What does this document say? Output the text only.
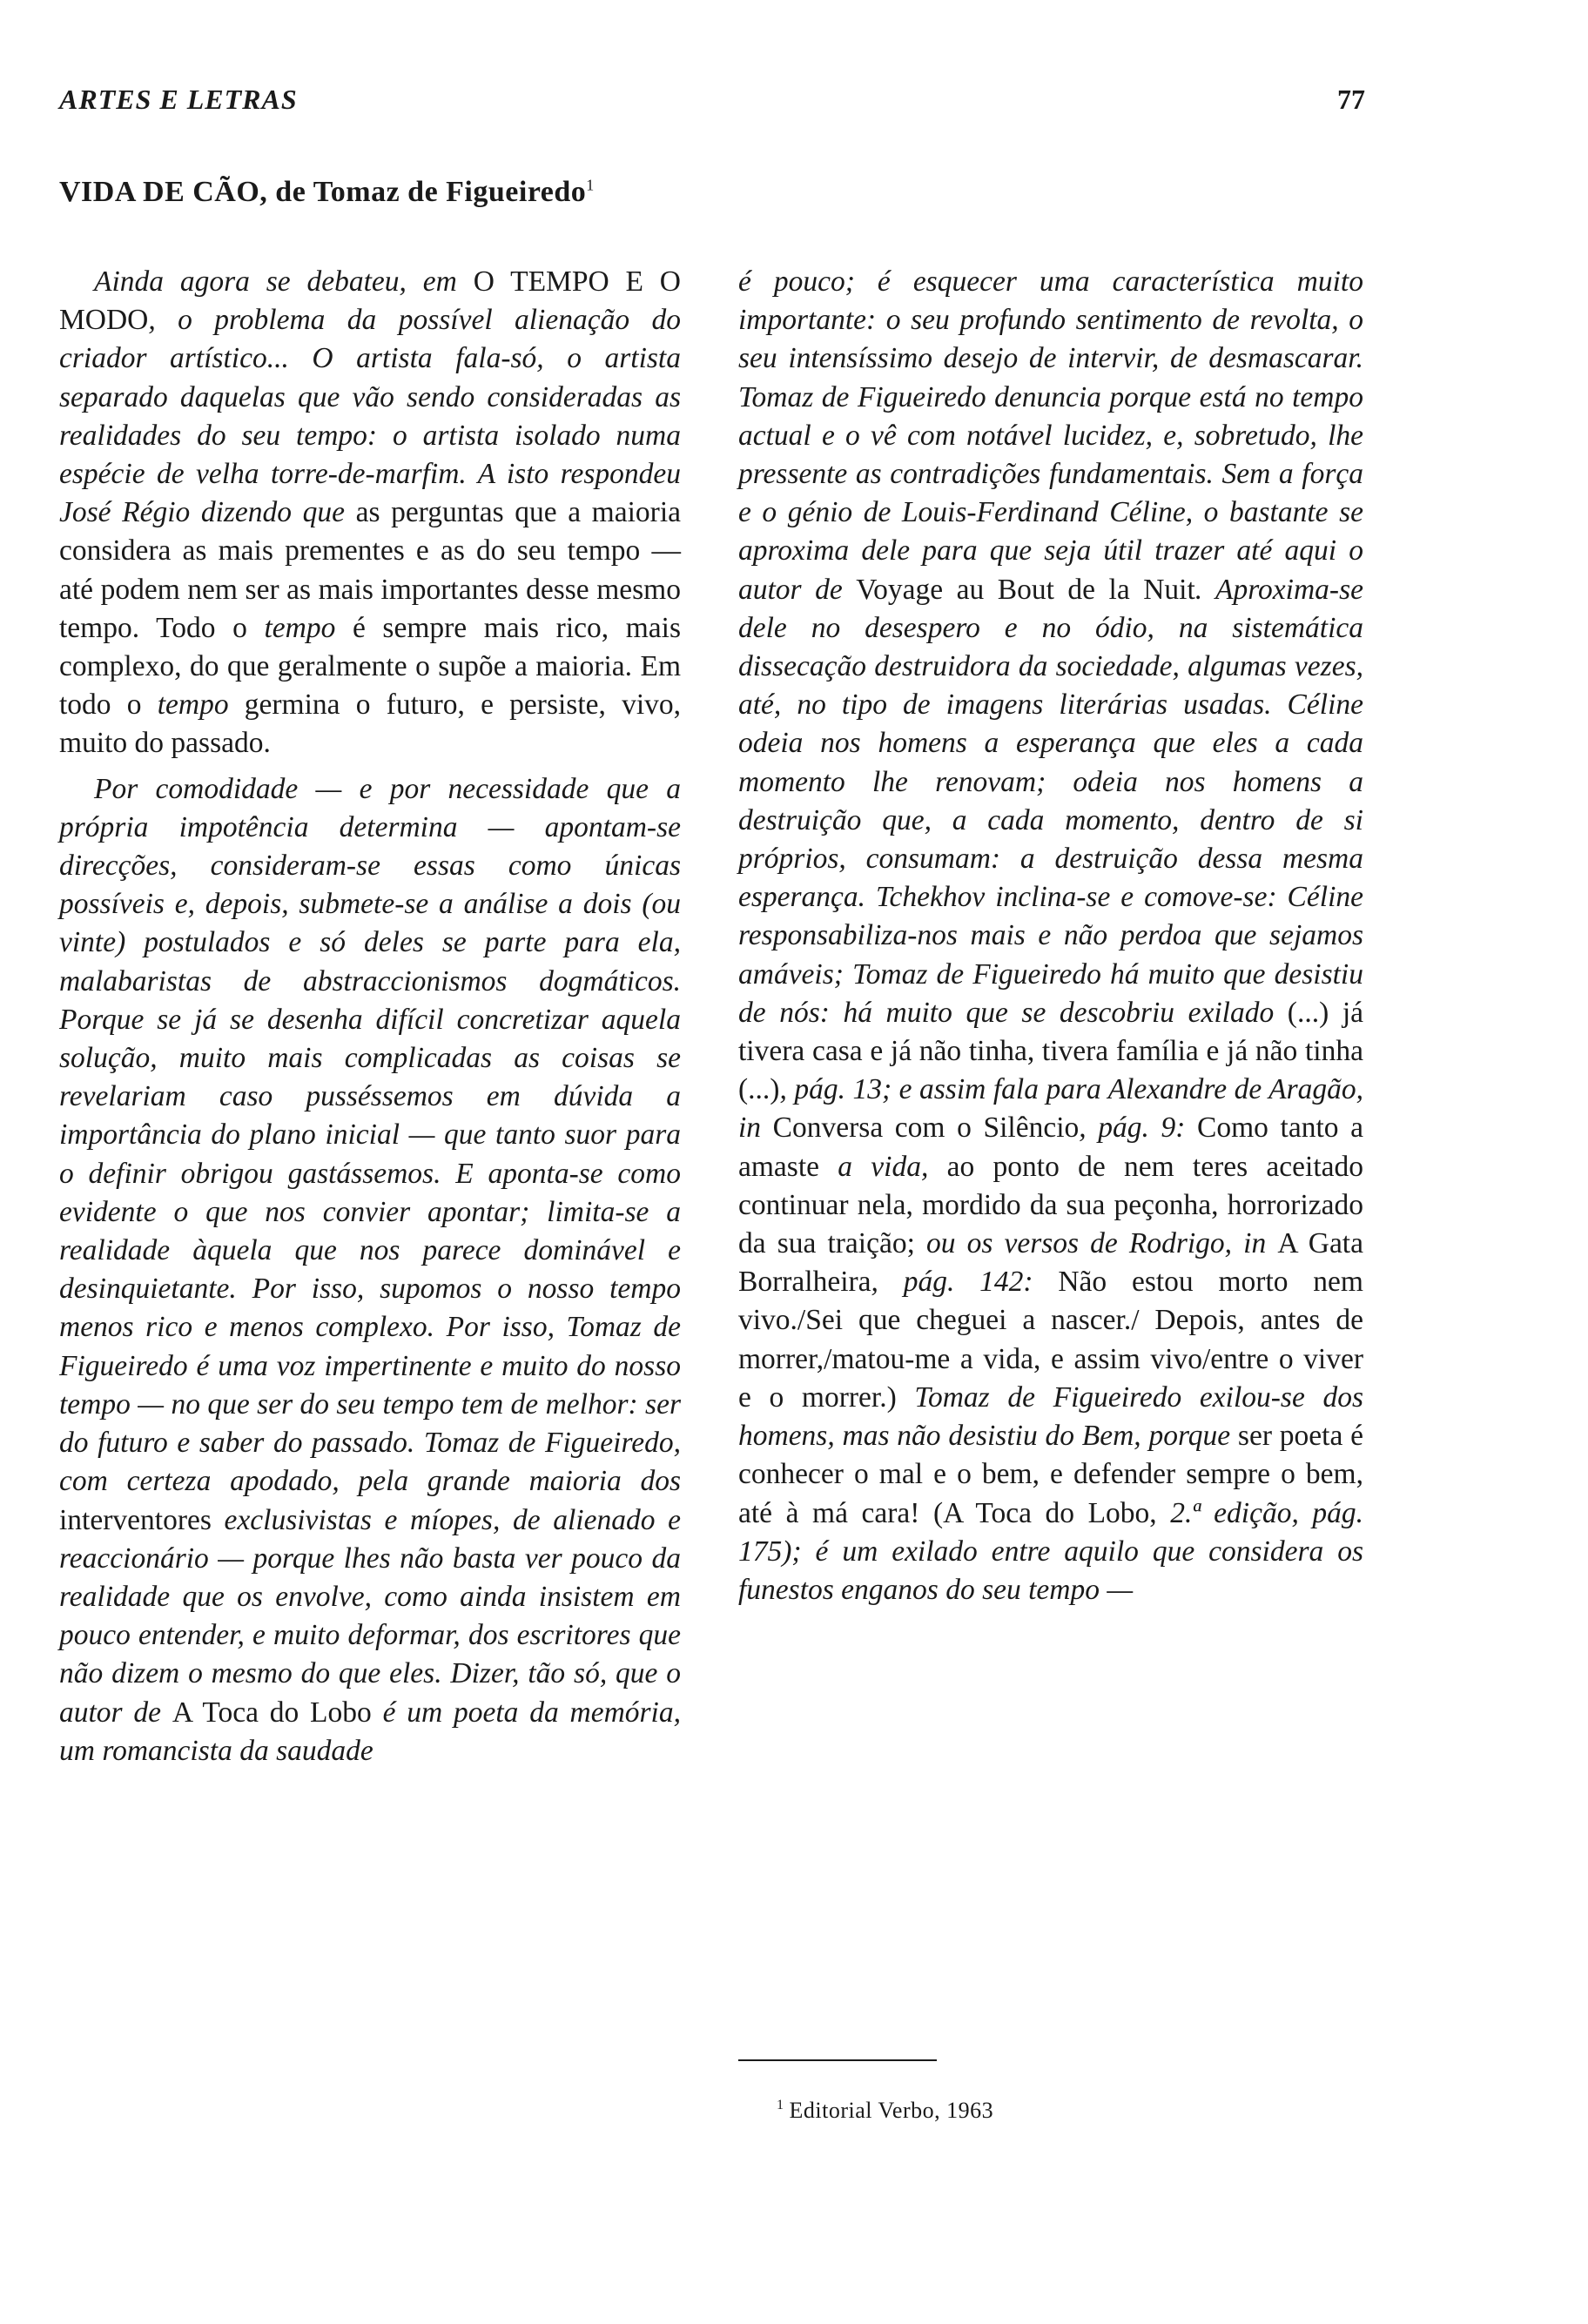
ARTES E LETRAS	77
VIDA DE CÃO, de Tomaz de Figueiredo$^1$

Ainda agora se debateu, em O TEMPO E O MODO, o problema da possível alienação do criador artístico... O artista fala-só, o artista separado daquelas que vão sendo consideradas as realidades do seu tempo: o artista isolado numa espécie de velha torre-de-marfim. A isto respondeu José Régio dizendo que as perguntas que a maioria considera as mais prementes e as do seu tempo — até podem nem ser as mais importantes desse mesmo tempo. Todo o tempo é sempre mais rico, mais complexo, do que geralmente o supõe a maioria. Em todo o tempo germina o futuro, e persiste, vivo, muito do passado.

Por comodidade — e por necessidade que a própria impotência determina — apontam-se direcções, consideram-se essas como únicas possíveis e, depois, submete-se a análise a dois (ou vinte) postulados e só deles se parte para ela, malabaristas de abstraccionismos dogmáticos. Porque se já se desenha difícil concretizar aquela solução, muito mais complicadas as coisas se revelariam caso pusséssemos em dúvida a importância do plano inicial — que tanto suor para o definir obrigou gastássemos. E aponta-se como evidente o que nos convier apontar; limita-se a realidade àquela que nos parece dominável e desinquietante. Por isso, supomos o nosso tempo menos rico e menos complexo. Por isso, Tomaz de Figueiredo é uma voz impertinente e muito do nosso tempo — no que ser do seu tempo tem de melhor: ser do futuro e saber do passado. Tomaz de Figueiredo, com certeza apodado, pela grande maioria dos interventores exclusivistas e míopes, de alienado e reaccionário — porque lhes não basta ver pouco da realidade que os envolve, como ainda insistem em pouco entender, e muito deformar, dos escritores que não dizem o mesmo do que eles. Dizer, tão só, que o autor de A Toca do Lobo é um poeta da memória, um romancista da saudade

é pouco; é esquecer uma característica muito importante: o seu profundo sentimento de revolta, o seu intensíssimo desejo de intervir, de desmascarar. Tomaz de Figueiredo denuncia porque está no tempo actual e o vê com notável lucidez, e, sobretudo, lhe pressente as contradições fundamentais. Sem a força e o génio de Louis-Ferdinand Céline, o bastante se aproxima dele para que seja útil trazer até aqui o autor de Voyage au Bout de la Nuit. Aproxima-se dele no desespero e no ódio, na sistemática dissecação destruidora da sociedade, algumas vezes, até, no tipo de imagens literárias usadas. Céline odeia nos homens a esperança que eles a cada momento lhe renovam; odeia nos homens a destruição que, a cada momento, dentro de si próprios, consumam: a destruição dessa mesma esperança. Tchekhov inclina-se e comove-se: Céline responsabiliza-nos mais e não perdoa que sejamos amáveis; Tomaz de Figueiredo há muito que desistiu de nós: há muito que se descobriu exilado (...) já tivera casa e já não tinha, tivera família e já não tinha (...), pág. 13; e assim fala para Alexandre de Aragão, in Conversa com o Silêncio, pág. 9: Como tanto a amaste a vida, ao ponto de nem teres aceitado continuar nela, mordido da sua peçonha, horrorizado da sua traição; ou os versos de Rodrigo, in A Gata Borralheira, pág. 142: Não estou morto nem vivo./Sei que cheguei a nascer./ Depois, antes de morrer,/matou-me a vida, e assim vivo/entre o viver e o morrer.) Tomaz de Figueiredo exilou-se dos homens, mas não desistiu do Bem, porque ser poeta é conhecer o mal e o bem, e defender sempre o bem, até à má cara! (A Toca do Lobo, 2.ª edição, pág. 175); é um exilado entre aquilo que considera os funestos enganos do seu tempo —

$^1$ Editorial Verbo, 1963
